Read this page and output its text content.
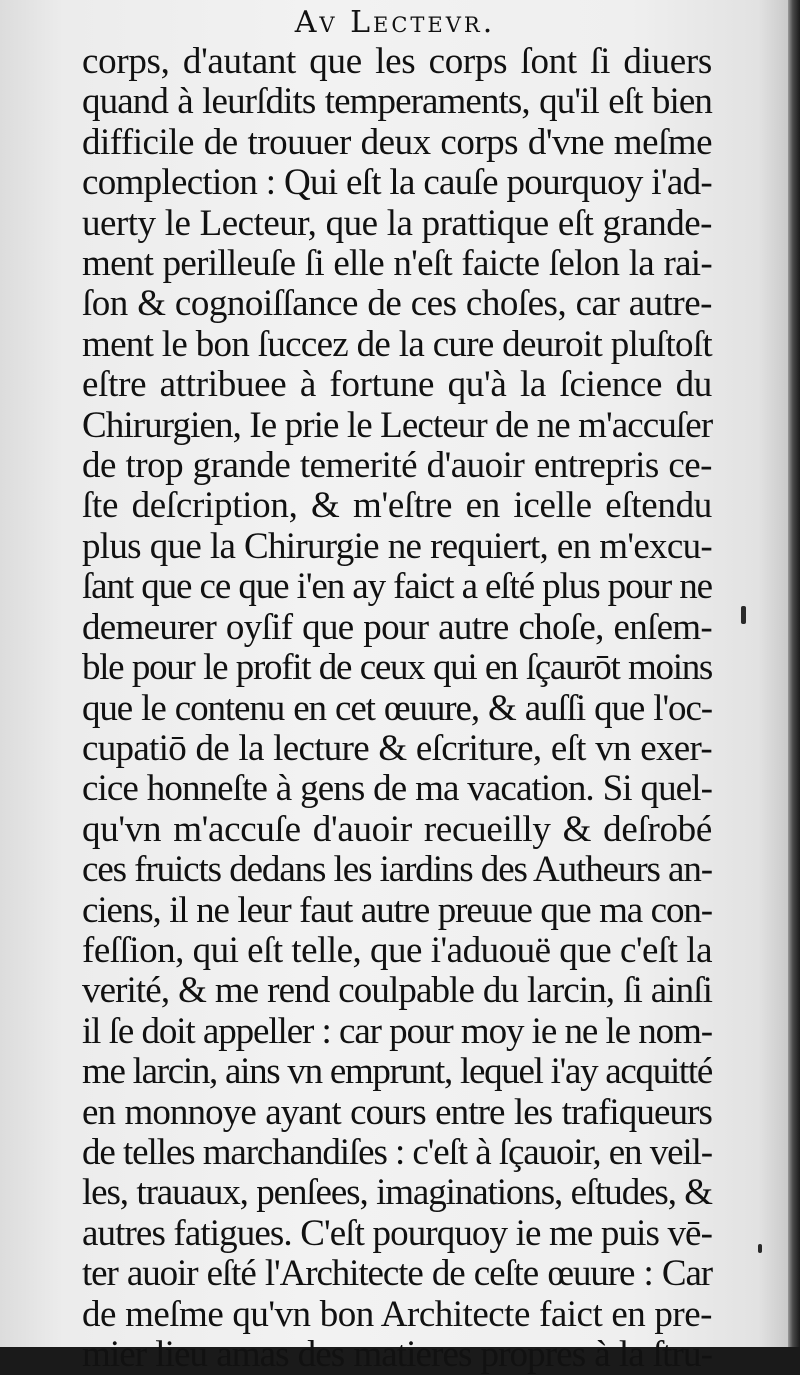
Av Lectevr.
corps, d'autant que les corps ſont ſi diuers
quand à leurſdits temperaments, qu'il eſt bien
difficile de trouuer deux corps d'vne meſme
complection : Qui eſt la cauſe pourquoy i'ad-
uerty le Lecteur, que la prattique eſt grande-
ment perilleuſe ſi elle n'eſt faicte ſelon la rai-
ſon & cognoiſſance de ces choſes, car autre-
ment le bon ſuccez de la cure deuroit pluſtoſt
eſtre attribuee à fortune qu'à la ſcience du
Chirurgien, Ie prie le Lecteur de ne m'accuſer
de trop grande temerité d'auoir entrepris ce-
ſte deſcription, & m'eſtre en icelle eſtendu
plus que la Chirurgie ne requiert, en m'excu-
ſant que ce que i'en ay faict a eſté plus pour ne
demeurer oyſif que pour autre choſe, enſem-
ble pour le profit de ceux qui en ſçaurōt moins
que le contenu en cet œuure, & auſſi que l'oc-
cupatiō de la lecture & eſcriture, eſt vn exer-
cice honneſte à gens de ma vacation. Si quel-
qu'vn m'accuſe d'auoir recueilly & deſrobé
ces fruicts dedans les iardins des Autheurs an-
ciens, il ne leur faut autre preuue que ma con-
feſſion, qui eſt telle, que i'aduouë que c'eſt la
verité, & me rend coulpable du larcin, ſi ainſi
il ſe doit appeller : car pour moy ie ne le nom-
me larcin, ains vn emprunt, lequel i'ay acquitté
en monnoye ayant cours entre les trafiqueurs
de telles marchandiſes : c'eſt à ſçauoir, en veil-
les, trauaux, penſees, imaginations, eſtudes, &
autres fatigues. C'eſt pourquoy ie me puis vē-
ter auoir eſté l'Architecte de ceſte œuure : Car
de meſme qu'vn bon Architecte faict en pre-
mier lieu amas des matieres propres à la ſtru-
